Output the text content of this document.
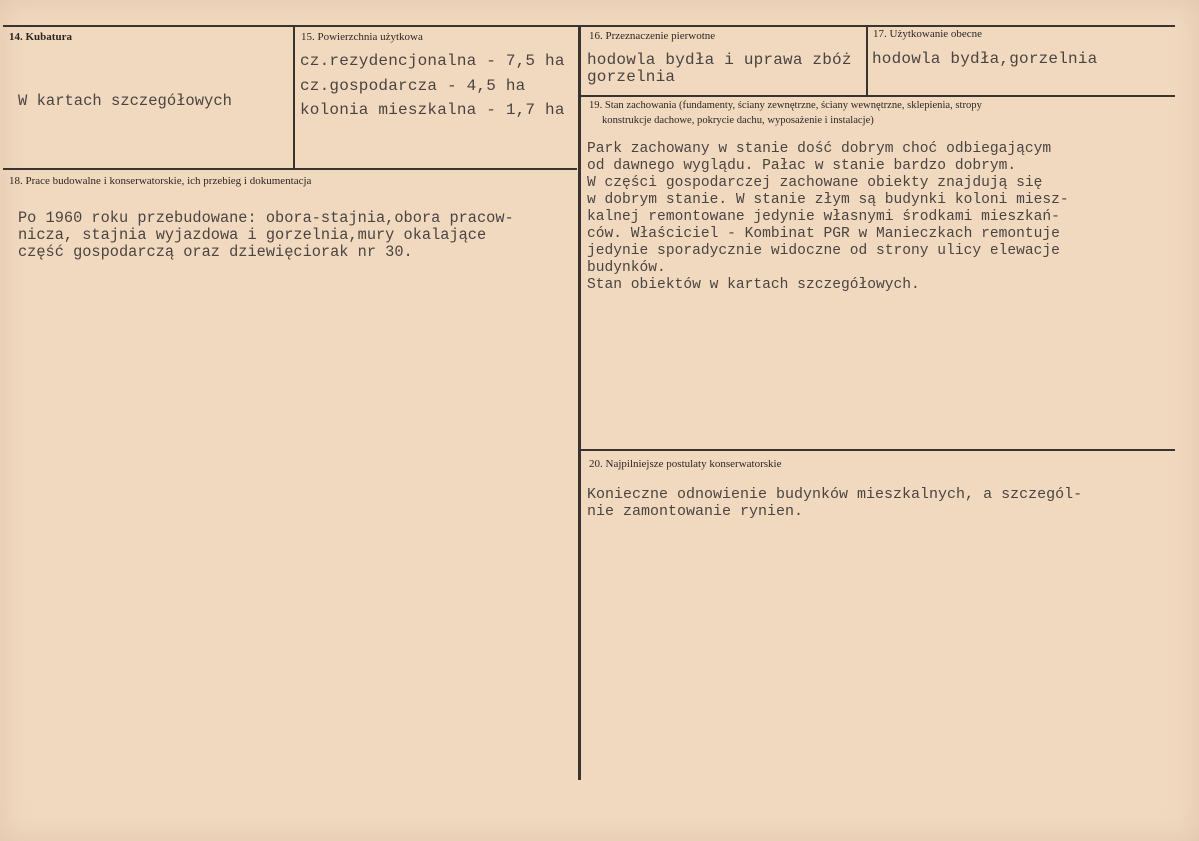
14. Kubatura
W kartach szczegółowych
15. Powierzchnia użytkowa
cz.rezydencjonalna - 7,5 ha
cz.gospodarcza - 4,5 ha
kolonia mieszkalna - 1,7 ha
16. Przeznaczenie pierwotne
hodowla bydła i uprawa zbóż
gorzelnia
17. Użytkowanie obecne
hodowla bydła,gorzelnia
18. Prace budowalne i konserwatorskie, ich przebieg i dokumentacja
Po 1960 roku przebudowane: obora-stajnia,obora pracow-
nicza, stajnia wyjazdowa i gorzelnia,mury okalające
część gospodarczą oraz dziewięciorak nr 30.
19. Stan zachowania (fundamenty, ściany zewnętrzne, ściany wewnętrzne, sklepienia, stropy
konstrukcje dachowe, pokrycie dachu, wyposażenie i instalacje)
Park zachowany w stanie dość dobrym choć odbiegającym
od dawnego wyglądu. Pałac w stanie bardzo dobrym.
W części gospodarczej zachowane obiekty znajdują się
w dobrym stanie. W stanie złym są budynki koloni miesz-
kalnej remontowane jedynie własnymi środkami mieszkań-
ców. Właściciel - Kombinat PGR w Manieczkach remontuje
jedynie sporadycznie widoczne od strony ulicy elewacje
budynków.
Stan obiektów w kartach szczegółowych.
20. Najpilniejsze postulaty konserwatorskie
Konieczne odnowienie budynków mieszkalnych, a szczegól-
nie zamontowanie rynien.
